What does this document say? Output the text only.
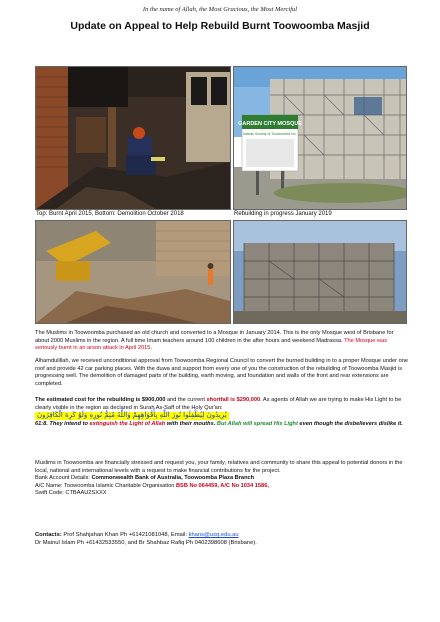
In the name of Allah, the Most Gracious, the Most Merciful
Update on Appeal to Help Rebuild Burnt Toowoomba Masjid
GARDEN CITY MOSQUE
Islamic Society of Toowoomba Inc.
Top: Burnt April 2015, Bottom: Demolition October 2018	Rebuilding in progress January 2019
The Muslims in Toowoomba purchased an old church and converted to a Mosque in January 2014. This is the only Mosque west of Brisbane for about 2000 Muslims in the region. A full time Imam teachers around 100 children in the after hours and weekend Madrassa. The Mosque was seriously burnt in an arson attack in April 2015.
Alhamdulillah, we received unconditional approval from Toowoomba Regional Council to convert the burned building in to a proper Mosque under one roof and provide 42 car parking places. With the duwa and support from every one of you the construction of the rebuilding of Toowoomba Masjid is progressing well. The demolition of damaged parts of the building, earth moving, and foundation and walls of the front and rear extensions are completed.
The estimated cost for the rebuilding is $900,000 and the current shortfall is $290,000. As agents of Allah we are trying to make His Light to be clearly visible in the region as declared in Surah As-Saff of the Holy Qur'an:
يُرِيدُونَ لِيُطْفِئُوا نُورَ اللَّهِ بِأَفْوَاهِهِمْ وَاللَّهُ مُتِمُّ نُورِهِ وَلَوْ كَرِهَ الْكَافِرُونَ
61:8. They intend to extinguish the Light of Allah with their mouths. But Allah will spread His Light even though the disbelievers dislike it.
Muslims in Toowoomba are financially stressed and request you, your family, relatives and community to share this appeal to potential donors in the local, national and international levels with a request to make financial contributions for the project.
Bank Account Details: Commonwealth Bank of Australia, Toowoomba Plaza Branch
A/C Name: Toowoomba Islamic Charitable Organisation BSB No 064459, A/C No 1034 1586,
Swift Code: CTBAAU2SXXX
Contacts: Prof Shahjahan Khan Ph +61421081048, Email: khans@usq.edu.au
Dr Mainul Islam Ph +61432533550, and Br Shahbaz Rafiq Ph 0402398608 (Brisbane).
